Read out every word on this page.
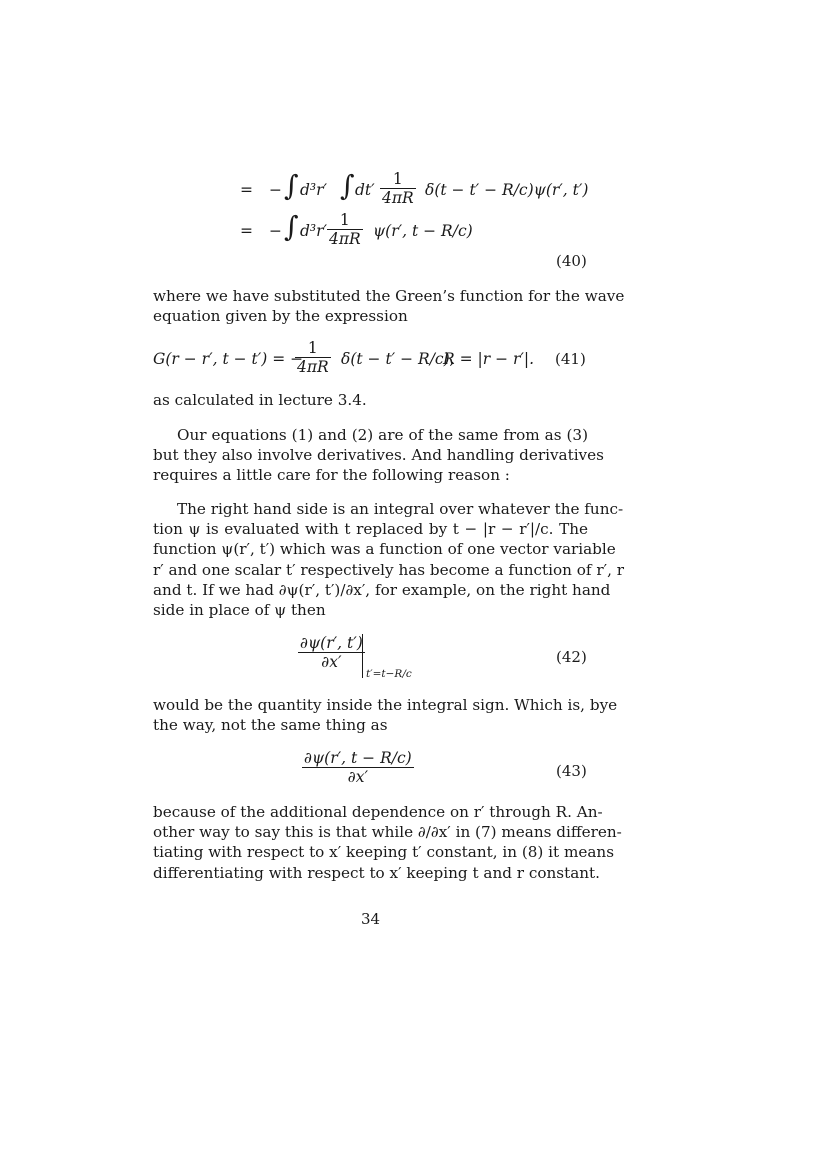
= − ∫ d³r′ ∫ $dt' \frac{1}{4\pi R} \delta(t - t' - R/c)\psi(r'$, t′)
= − ∫ $d^3r' \frac{1}{4\pi R} \psi(r'$, t − R/c)
(40)
where we have substituted the Green’s function for the wave
equation given by the expression
G(r − r′, t − t′) = −
$\frac{1}{4\pi R} \delta(t - t' - R/c)$,
R = |r − r′|. (41)
as calculated in lecture 3.4.
Our equations (1) and (2) are of the same from as (3)
but they also involve derivatives. And handling derivatives
requires a little care for the following reason :
The right hand side is an integral over whatever the func-
tion ψ is evaluated with t replaced by t − |r − r′|/c. The
function ψ(r′, t′) which was a function of one vector variable
r′ and one scalar t′ respectively has become a function of r′, r
and t. If we had ∂ψ(r′, t′)/∂x′, for example, on the right hand
side in place of ψ then
$\frac{\partial\psi(r', t')}{\partial x'}$
t′=t−R/c
(42)
would be the quantity inside the integral sign. Which is, bye
the way, not the same thing as
$\frac{\partial\psi(r', t - R/c)}{\partial x'}$	(43)
because of the additional dependence on r′ through R. An-
other way to say this is that while ∂/∂x′ in (7) means differen-
tiating with respect to x′ keeping t′ constant, in (8) it means
differentiating with respect to x′ keeping t and r constant.
34
